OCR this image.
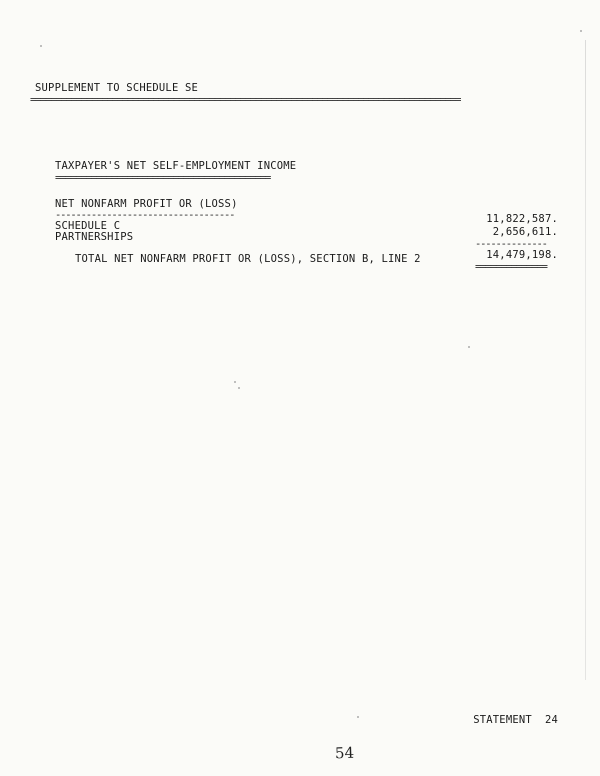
SUPPLEMENT TO SCHEDULE SE
====================================================================================
TAXPAYER'S NET SELF-EMPLOYMENT INCOME
==========================================
NET NONFARM PROFIT OR (LOSS)
-----------------------------------
SCHEDULE C
11,822,587.
PARTNERSHIPS	2,656,611.
--------------
TOTAL NET NONFARM PROFIT OR (LOSS), SECTION B, LINE 2	14,479,198.
==============
STATEMENT  24
54
